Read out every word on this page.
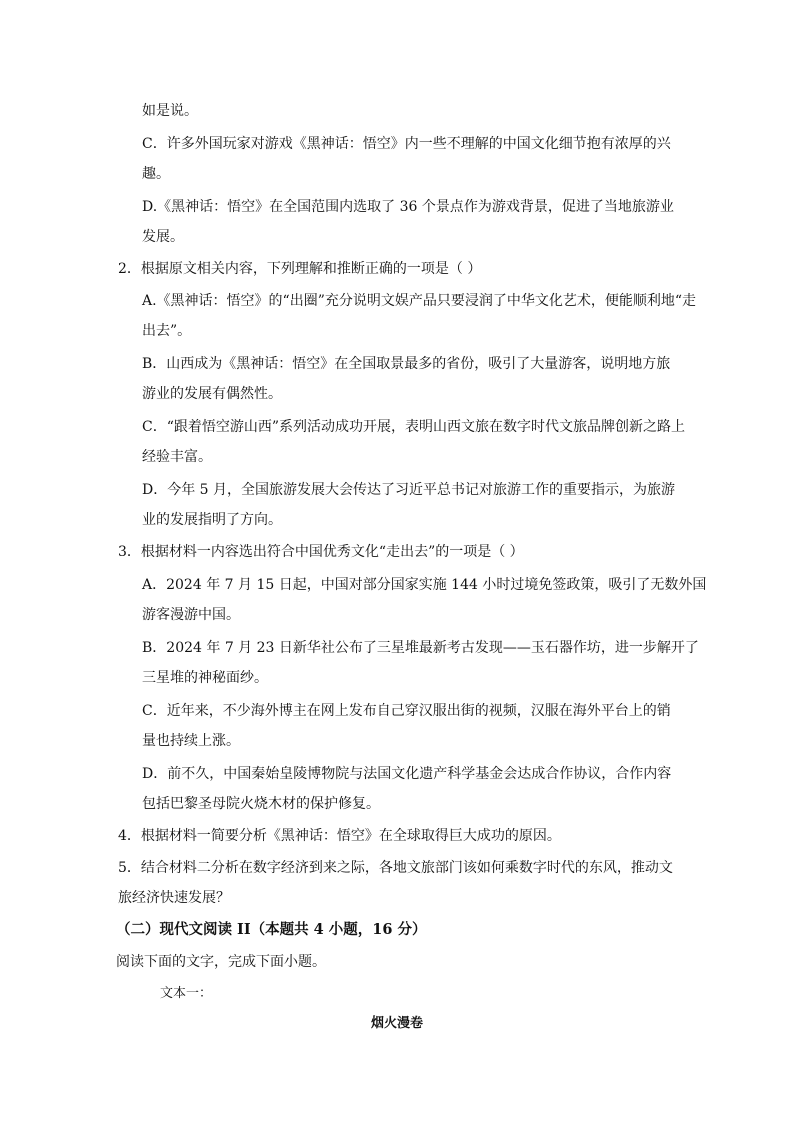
如是说。
C．许多外国玩家对游戏《黑神话：悟空》内一些不理解的中国文化细节抱有浓厚的兴
趣。
D.《黑神话：悟空》在全国范围内选取了 36 个景点作为游戏背景，促进了当地旅游业
发展。
2．根据原文相关内容，下列理解和推断正确的一项是（ ）
A.《黑神话：悟空》的“出圈”充分说明文娱产品只要浸润了中华文化艺术，便能顺利地“走
出去”。
B．山西成为《黑神话：悟空》在全国取景最多的省份，吸引了大量游客，说明地方旅
游业的发展有偶然性。
C．“跟着悟空游山西”系列活动成功开展，表明山西文旅在数字时代文旅品牌创新之路上
经验丰富。
D．今年 5 月，全国旅游发展大会传达了习近平总书记对旅游工作的重要指示，为旅游
业的发展指明了方向。
3．根据材料一内容选出符合中国优秀文化“走出去”的一项是（ ）
A．2024 年 7 月 15 日起，中国对部分国家实施 144 小时过境免签政策，吸引了无数外国
游客漫游中国。
B．2024 年 7 月 23 日新华社公布了三星堆最新考古发现——玉石器作坊，进一步解开了
三星堆的神秘面纱。
C．近年来，不少海外博主在网上发布自己穿汉服出街的视频，汉服在海外平台上的销
量也持续上涨。
D．前不久，中国秦始皇陵博物院与法国文化遗产科学基金会达成合作协议，合作内容
包括巴黎圣母院火烧木材的保护修复。
4．根据材料一简要分析《黑神话：悟空》在全球取得巨大成功的原因。
5．结合材料二分析在数字经济到来之际，各地文旅部门该如何乘数字时代的东风，推动文
旅经济快速发展？
（二）现代文阅读 II（本题共 4 小题，16 分）
阅读下面的文字，完成下面小题。
文本一：
烟火漫卷
